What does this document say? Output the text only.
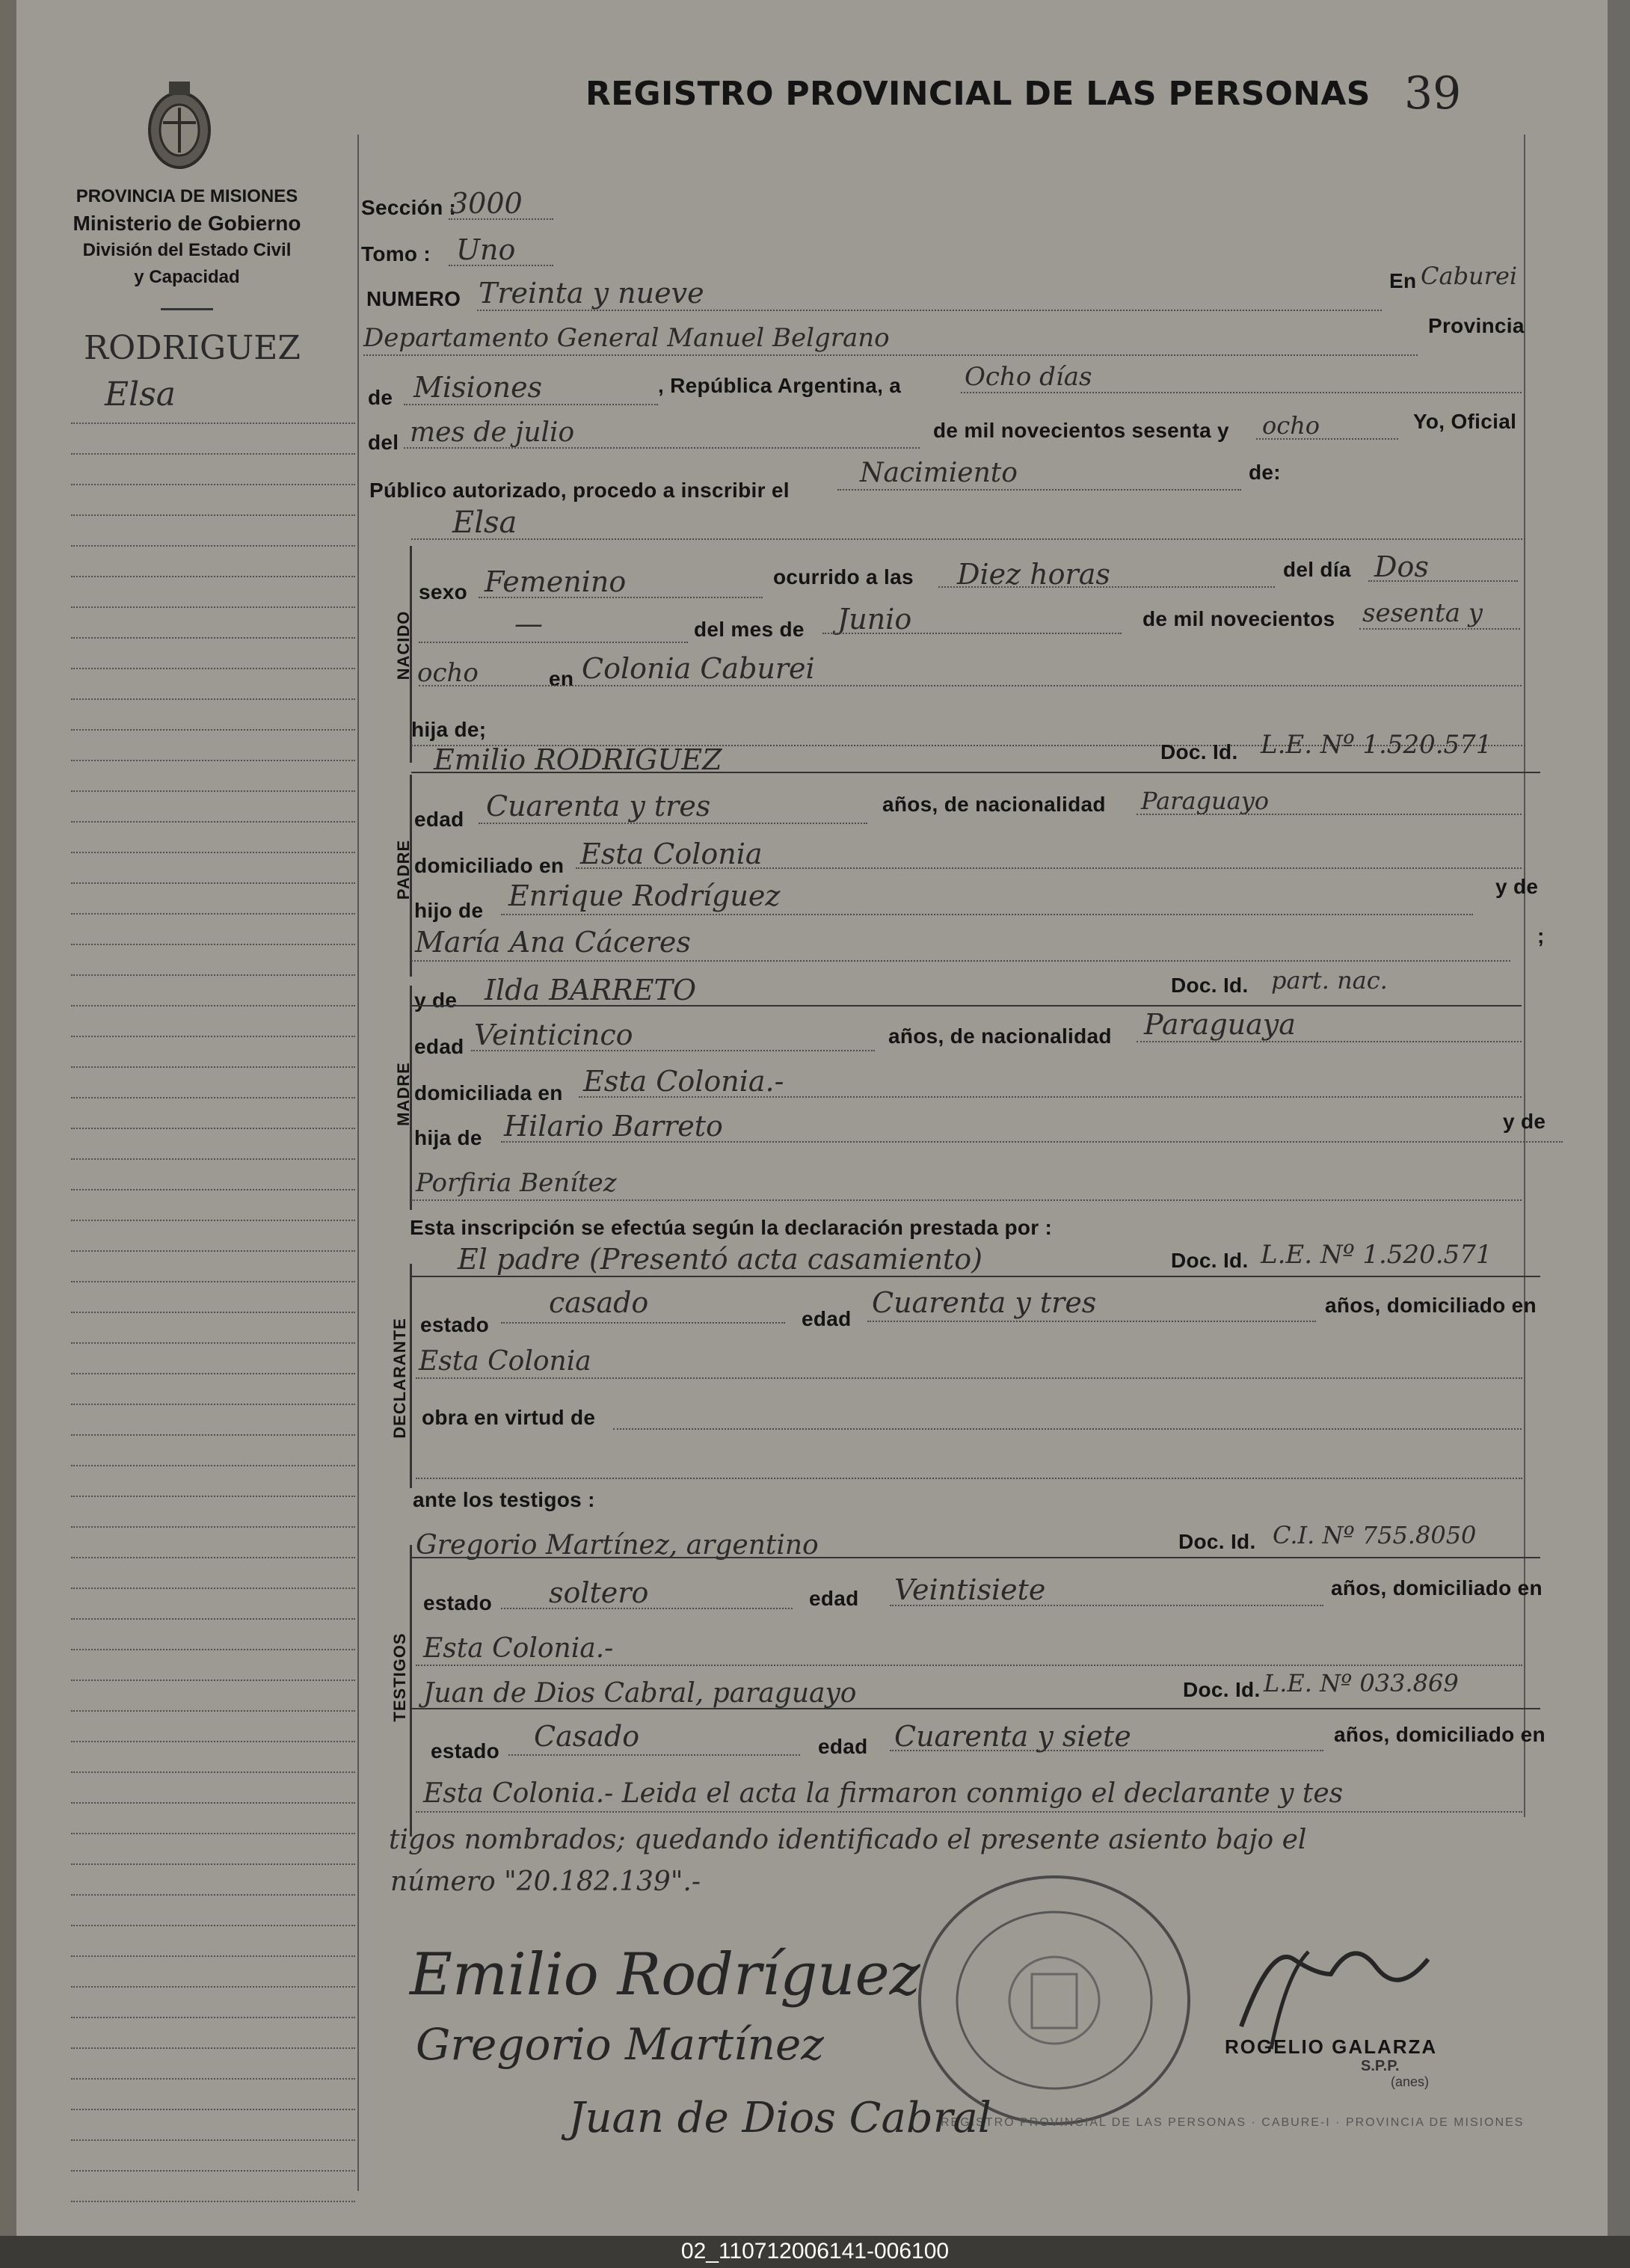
REGISTRO PROVINCIAL DE LAS PERSONAS 39
PROVINCIA DE MISIONES
Ministerio de Gobierno
División del Estado Civil
y Capacidad
RODRIGUEZ
Elsa
Sección :
3000
Tomo : Uno
NUMERO Treinta y nueve	En Caburei
Departamento General Manuel Belgrano	Provincia
de Misiones	, República Argentina, a Ocho días
del mes de julio	de mil novecientos sesenta y ocho	Yo, Oficial
Público autorizado, procedo a inscribir el
Nacimiento	de:
Elsa
NACIDO
sexo Femenino	ocurrido a las Diez horas	del día Dos
—	del mes de Junio	de mil novecientos sesenta y
ocho	en Colonia Caburei
hija de;
Emilio RODRIGUEZ	Doc. Id. L.E. Nº 1.520.571
PADRE
edad Cuarenta y tres	años, de nacionalidad Paraguayo
domiciliado en Esta Colonia
hijo de Enrique Rodríguez	y de
María Ana Cáceres	;
y de Ilda BARRETO	Doc. Id. part. nac.
MADRE
edad Veinticinco	años, de nacionalidad Paraguaya
domiciliada en Esta Colonia.-
hija de Hilario Barreto	y de
Porfiria Benítez
Esta inscripción se efectúa según la declaración prestada por :
El padre (Presentó acta casamiento)	Doc. Id. L.E. Nº 1.520.571
DECLARANTE estado
casado	edad Cuarenta y tres	años, domiciliado en
Esta Colonia
obra en virtud de
ante los testigos :
Gregorio Martínez, argentino	Doc. Id. C.I. Nº 755.8050
TESTIGOS
estado soltero	edad Veintisiete	años, domiciliado en
Esta Colonia.-
Juan de Dios Cabral, paraguayo	Doc. Id. L.E. Nº 033.869
estado Casado	edad Cuarenta y siete	años, domiciliado en
Esta Colonia.- Leida el acta la firmaron conmigo el declarante y tes
tigos nombrados; quedando identificado el presente asiento bajo el
número "20.182.139".-
REGISTRO PROVINCIAL DE LAS PERSONAS · CABURE-I · PROVINCIA DE MISIONES
Emilio Rodríguez
Gregorio Martínez
Juan de Dios Cabral
ROGELIO GALARZA
S.P.P.
(anes)
02_110712006141-006100
